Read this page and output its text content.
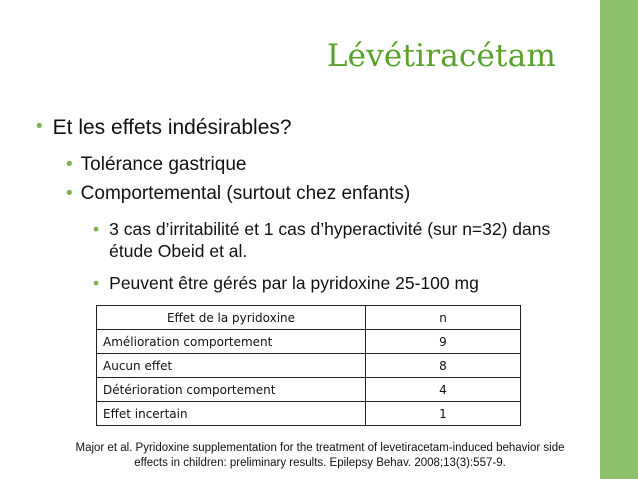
Lévétiracétam
• Et les effets indésirables?
• Tolérance gastrique
• Comportemental (surtout chez enfants)
• 3 cas d’irritabilité et 1 cas d’hyperactivité (sur n=32) dans étude Obeid et al.
• Peuvent être gérés par la pyridoxine 25-100 mg
Effet de la pyridoxine	n
Amélioration comportement	9
Aucun effet	8
Détérioration comportement	4
Effet incertain	1
Major et al. Pyridoxine supplementation for the treatment of levetiracetam-induced behavior side
effects in children: preliminary results. Epilepsy Behav. 2008;13(3):557-9.
